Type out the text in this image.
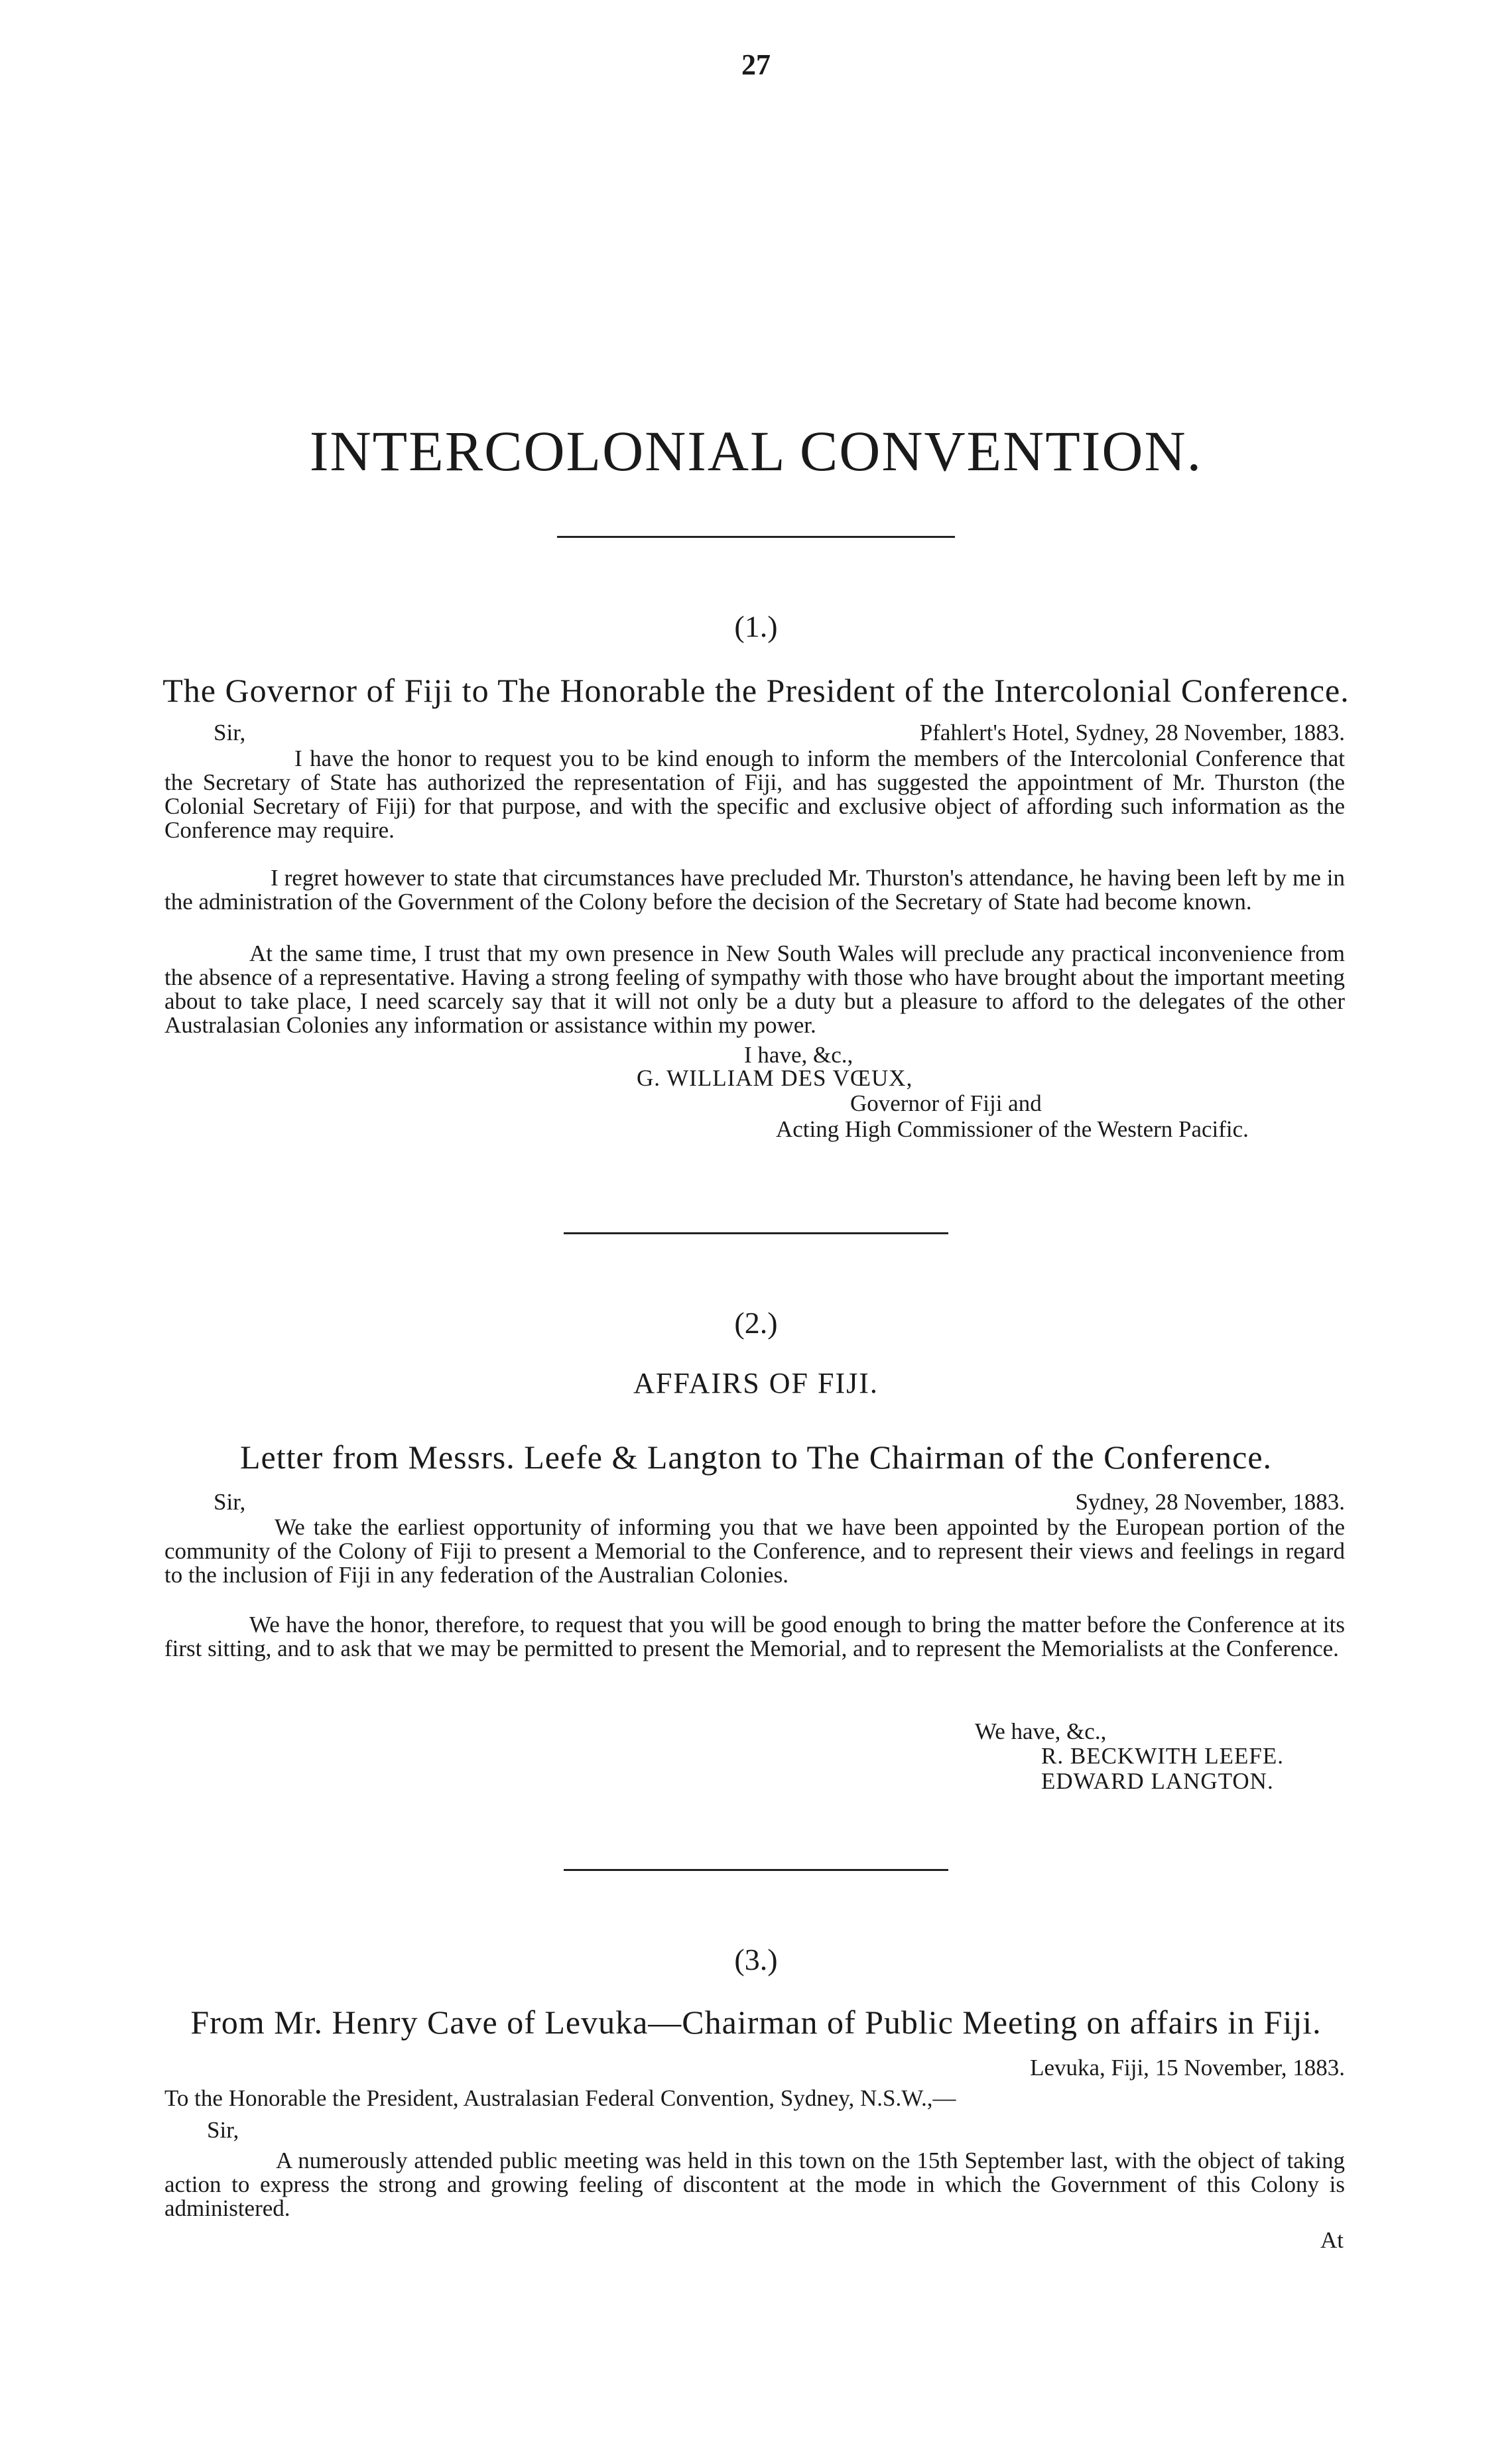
27
INTERCOLONIAL CONVENTION.
(1.)
The Governor of Fiji to The Honorable the President of the Intercolonial Conference.
Sir,	Pfahlert's Hotel, Sydney, 28 November, 1883.
I have the honor to request you to be kind enough to inform the members of the Intercolonial Conference that the Secretary of State has authorized the representation of Fiji, and has suggested the appointment of Mr. Thurston (the Colonial Secretary of Fiji) for that purpose, and with the specific and exclusive object of affording such information as the Conference may require.
I regret however to state that circumstances have precluded Mr. Thurston's attendance, he having been left by me in the administration of the Government of the Colony before the decision of the Secretary of State had become known.
At the same time, I trust that my own presence in New South Wales will preclude any practical inconvenience from the absence of a representative. Having a strong feeling of sympathy with those who have brought about the important meeting about to take place, I need scarcely say that it will not only be a duty but a pleasure to afford to the delegates of the other Australasian Colonies any information or assistance within my power.
I have, &c.,
G. WILLIAM DES VŒUX,
Governor of Fiji and
Acting High Commissioner of the Western Pacific.
(2.)
AFFAIRS OF FIJI.
Letter from Messrs. Leefe & Langton to The Chairman of the Conference.
Sir,	Sydney, 28 November, 1883.
We take the earliest opportunity of informing you that we have been appointed by the European portion of the community of the Colony of Fiji to present a Memorial to the Conference, and to represent their views and feelings in regard to the inclusion of Fiji in any federation of the Australian Colonies.
We have the honor, therefore, to request that you will be good enough to bring the matter before the Conference at its first sitting, and to ask that we may be permitted to present the Memorial, and to represent the Memorialists at the Conference.
We have, &c.,
R. BECKWITH LEEFE.
EDWARD LANGTON.
(3.)
From Mr. Henry Cave of Levuka—Chairman of Public Meeting on affairs in Fiji.
Levuka, Fiji, 15 November, 1883.
To the Honorable the President, Australasian Federal Convention, Sydney, N.S.W.,—
Sir,
A numerously attended public meeting was held in this town on the 15th September last, with the object of taking action to express the strong and growing feeling of discontent at the mode in which the Government of this Colony is administered.
At
